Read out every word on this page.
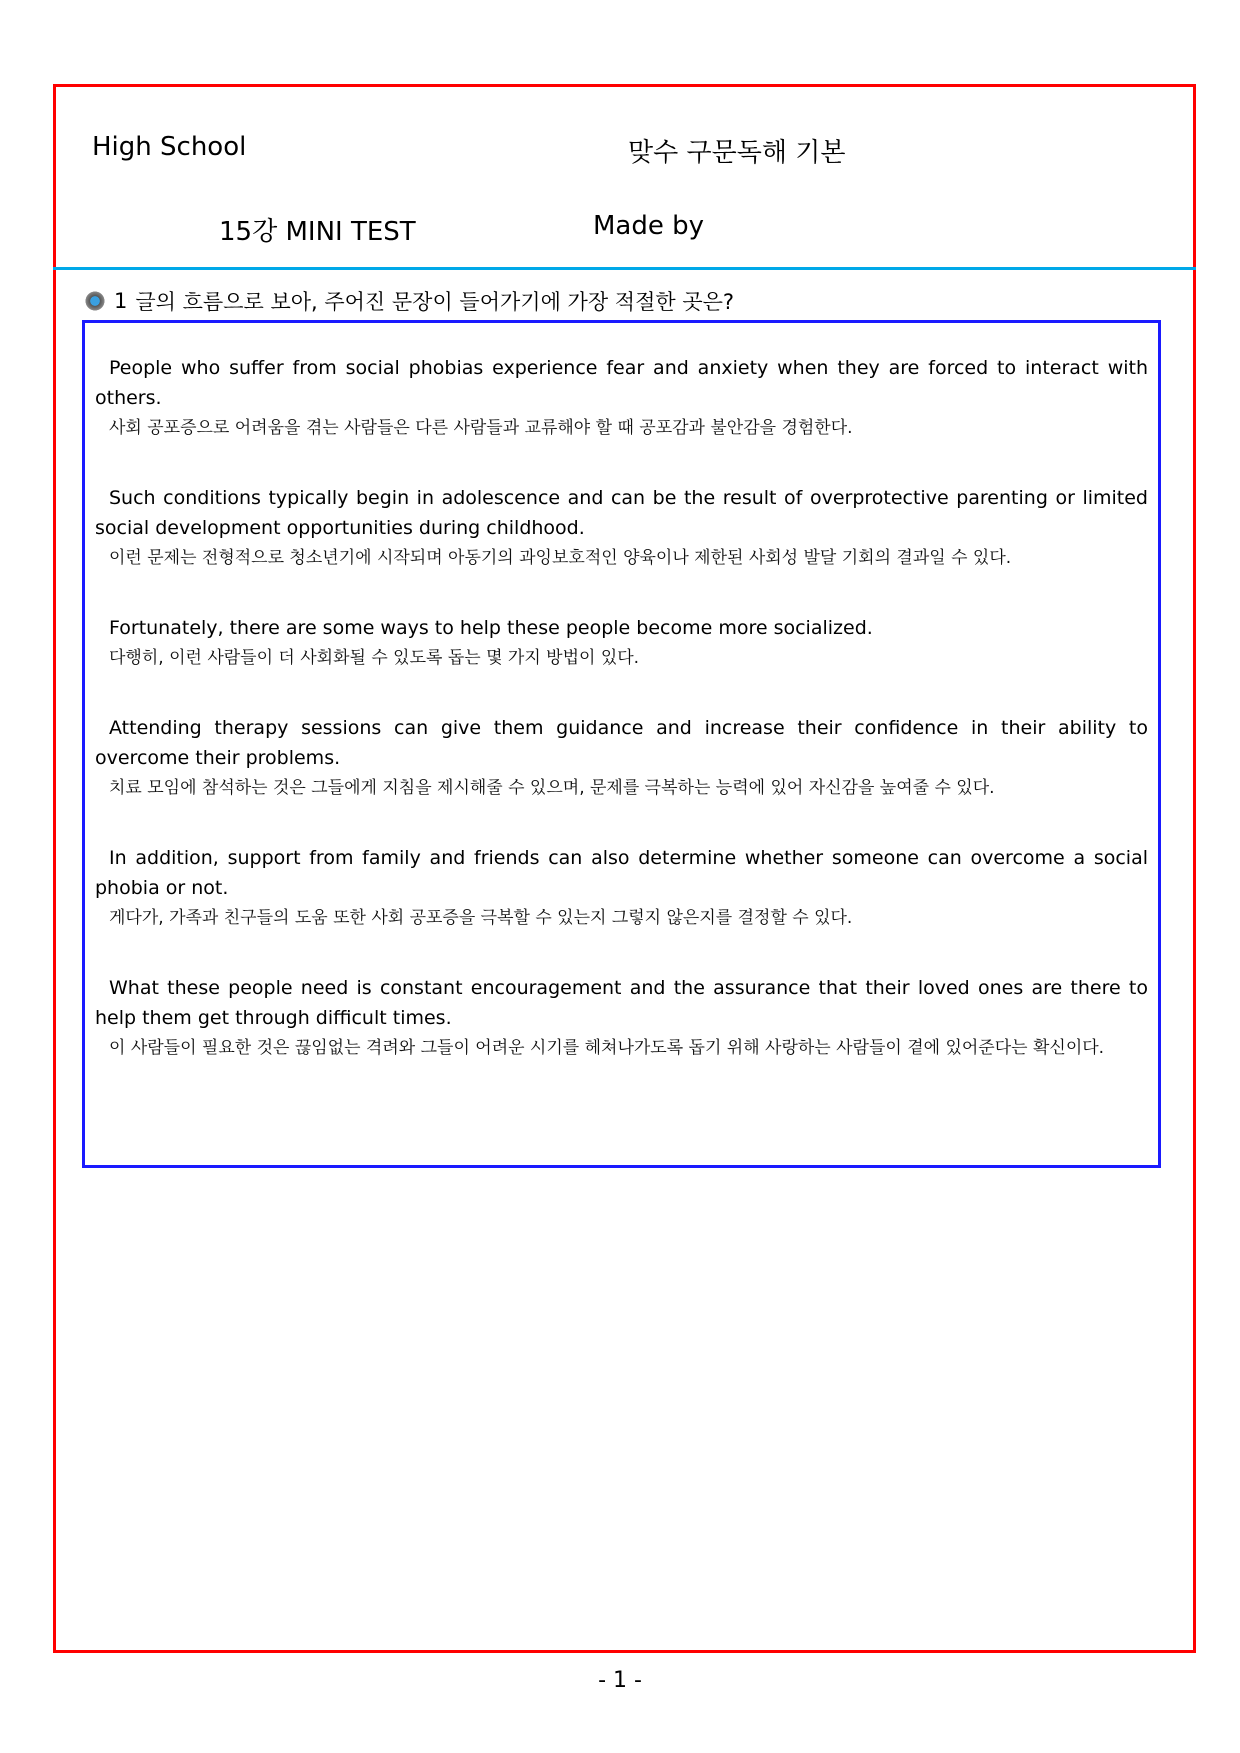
High School	맞수 구문독해 기본
15강 MINI TEST	Made by
1 글의 흐름으로 보아, 주어진 문장이 들어가기에 가장 적절한 곳은?

People who suffer from social phobias experience fear and anxiety when they are forced to interact with others.

사회 공포증으로 어려움을 겪는 사람들은 다른 사람들과 교류해야 할 때 공포감과 불안감을 경험한다.

Such conditions typically begin in adolescence and can be the result of overprotective parenting or limited social development opportunities during childhood.

이런 문제는 전형적으로 청소년기에 시작되며 아동기의 과잉보호적인 양육이나 제한된 사회성 발달 기회의 결과일 수 있다.

Fortunately, there are some ways to help these people become more socialized.

다행히, 이런 사람들이 더 사회화될 수 있도록 돕는 몇 가지 방법이 있다.

Attending therapy sessions can give them guidance and increase their confidence in their ability to overcome their problems.

치료 모임에 참석하는 것은 그들에게 지침을 제시해줄 수 있으며, 문제를 극복하는 능력에 있어 자신감을 높여줄 수 있다.

In addition, support from family and friends can also determine whether someone can overcome a social phobia or not.

게다가, 가족과 친구들의 도움 또한 사회 공포증을 극복할 수 있는지 그렇지 않은지를 결정할 수 있다.

What these people need is constant encouragement and the assurance that their loved ones are there to help them get through difficult times.

이 사람들이 필요한 것은 끊임없는 격려와 그들이 어려운 시기를 헤쳐나가도록 돕기 위해 사랑하는 사람들이 곁에 있어준다는 확신이다.

- 1 -
